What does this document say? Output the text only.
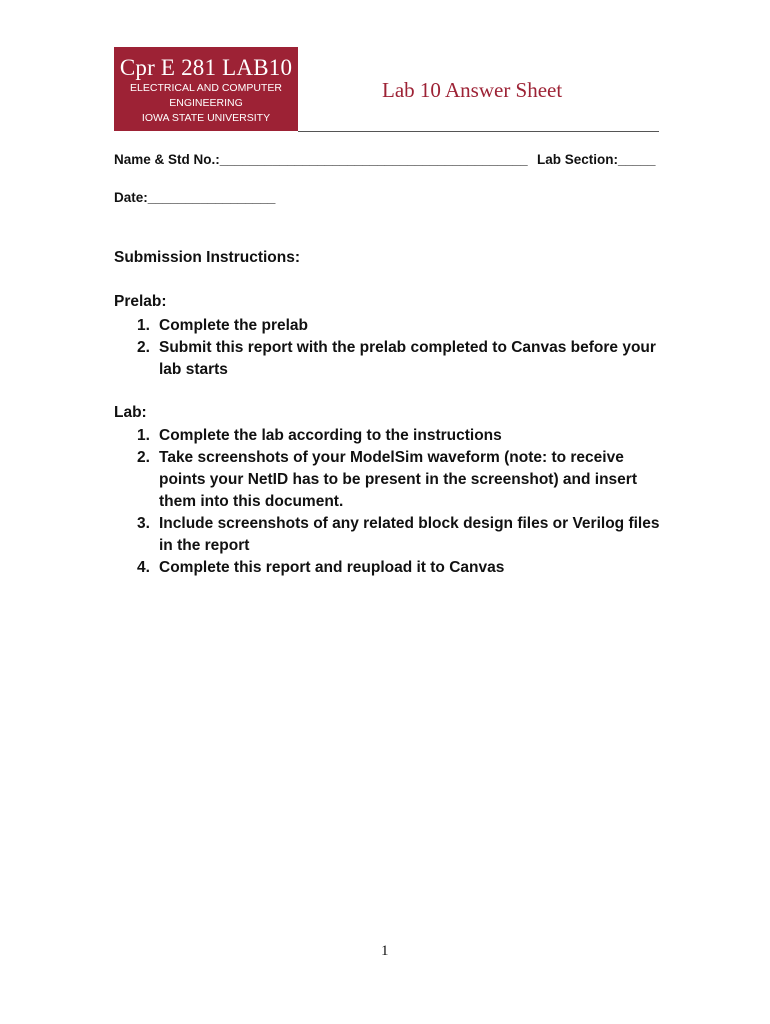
Cpr E 281 LAB10
ELECTRICAL AND COMPUTER
ENGINEERING
IOWA STATE UNIVERSITY
Lab 10 Answer Sheet
Name & Std No.:_________________________________________ Lab Section:_____
Date:_________________
Submission Instructions:
Prelab:
1. Complete the prelab
2. Submit this report with the prelab completed to Canvas before your lab starts
Lab:
1. Complete the lab according to the instructions
2. Take screenshots of your ModelSim waveform (note: to receive points your NetID has to be present in the screenshot) and insert them into this document.
3. Include screenshots of any related block design files or Verilog files in the report
4. Complete this report and reupload it to Canvas
1
